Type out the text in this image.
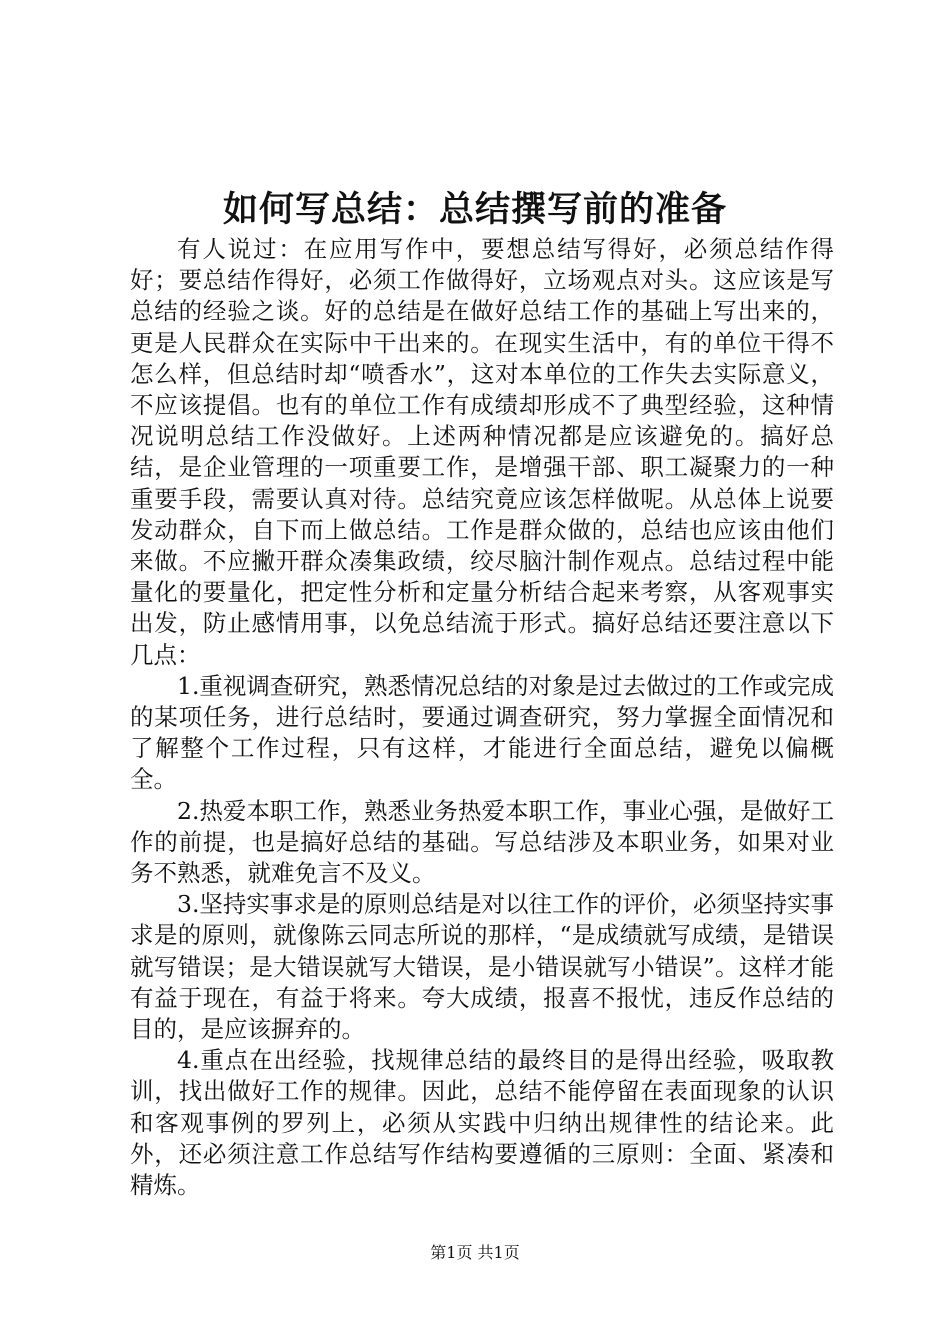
如何写总结：总结撰写前的准备

有人说过：在应用写作中，要想总结写得好，必须总结作得好；要总结作得好，必须工作做得好，立场观点对头。这应该是写总结的经验之谈。好的总结是在做好总结工作的基础上写出来的，更是人民群众在实际中干出来的。在现实生活中，有的单位干得不怎么样，但总结时却“喷香水”，这对本单位的工作失去实际意义，不应该提倡。也有的单位工作有成绩却形成不了典型经验，这种情况说明总结工作没做好。上述两种情况都是应该避免的。搞好总结，是企业管理的一项重要工作，是增强干部、职工凝聚力的一种重要手段，需要认真对待。总结究竟应该怎样做呢。从总体上说要发动群众，自下而上做总结。工作是群众做的，总结也应该由他们来做。不应撇开群众凑集政绩，绞尽脑汁制作观点。总结过程中能量化的要量化，把定性分析和定量分析结合起来考察，从客观事实出发，防止感情用事，以免总结流于形式。搞好总结还要注意以下几点：

1.重视调查研究，熟悉情况总结的对象是过去做过的工作或完成的某项任务，进行总结时，要通过调查研究，努力掌握全面情况和了解整个工作过程，只有这样，才能进行全面总结，避免以偏概全。

2.热爱本职工作，熟悉业务热爱本职工作，事业心强，是做好工作的前提，也是搞好总结的基础。写总结涉及本职业务，如果对业务不熟悉，就难免言不及义。

3.坚持实事求是的原则总结是对以往工作的评价，必须坚持实事求是的原则，就像陈云同志所说的那样，“是成绩就写成绩，是错误就写错误；是大错误就写大错误，是小错误就写小错误”。这样才能有益于现在，有益于将来。夸大成绩，报喜不报忧，违反作总结的目的，是应该摒弃的。

4.重点在出经验，找规律总结的最终目的是得出经验，吸取教训，找出做好工作的规律。因此，总结不能停留在表面现象的认识和客观事例的罗列上，必须从实践中归纳出规律性的结论来。此外，还必须注意工作总结写作结构要遵循的三原则：全面、紧凑和精炼。

第1页 共1页
